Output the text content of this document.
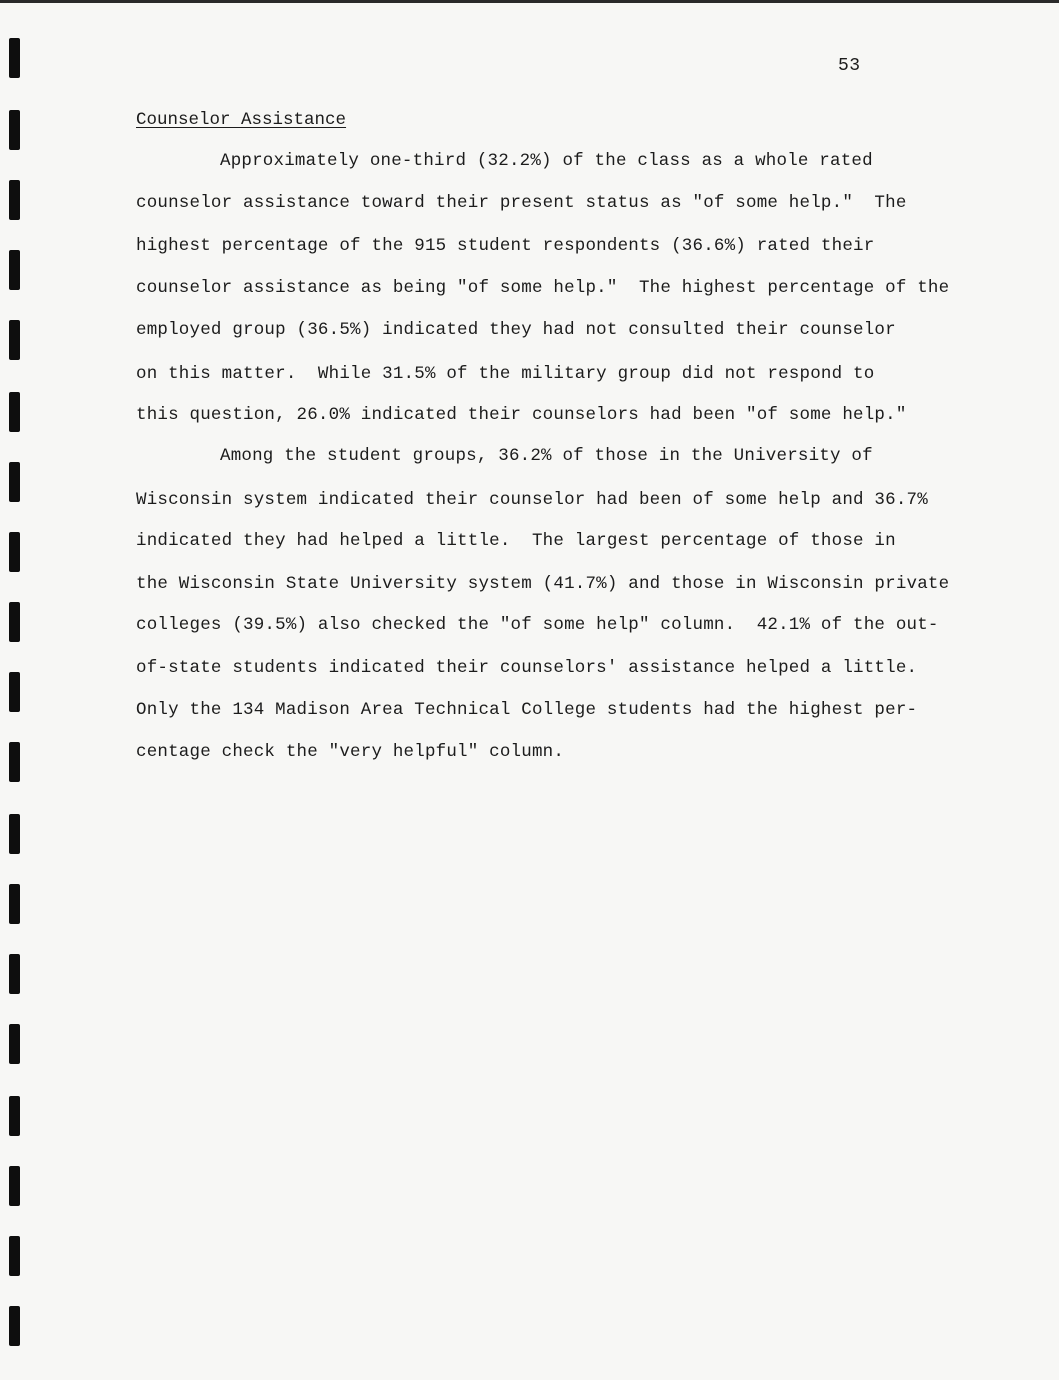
53
Counselor Assistance
Approximately one-third (32.2%) of the class as a whole rated
counselor assistance toward their present status as "of some help."  The
highest percentage of the 915 student respondents (36.6%) rated their
counselor assistance as being "of some help."  The highest percentage of the
employed group (36.5%) indicated they had not consulted their counselor
on this matter.  While 31.5% of the military group did not respond to
this question, 26.0% indicated their counselors had been "of some help."
Among the student groups, 36.2% of those in the University of
Wisconsin system indicated their counselor had been of some help and 36.7%
indicated they had helped a little.  The largest percentage of those in
the Wisconsin State University system (41.7%) and those in Wisconsin private
colleges (39.5%) also checked the "of some help" column.  42.1% of the out-
of-state students indicated their counselors' assistance helped a little.
Only the 134 Madison Area Technical College students had the highest per-
centage check the "very helpful" column.
